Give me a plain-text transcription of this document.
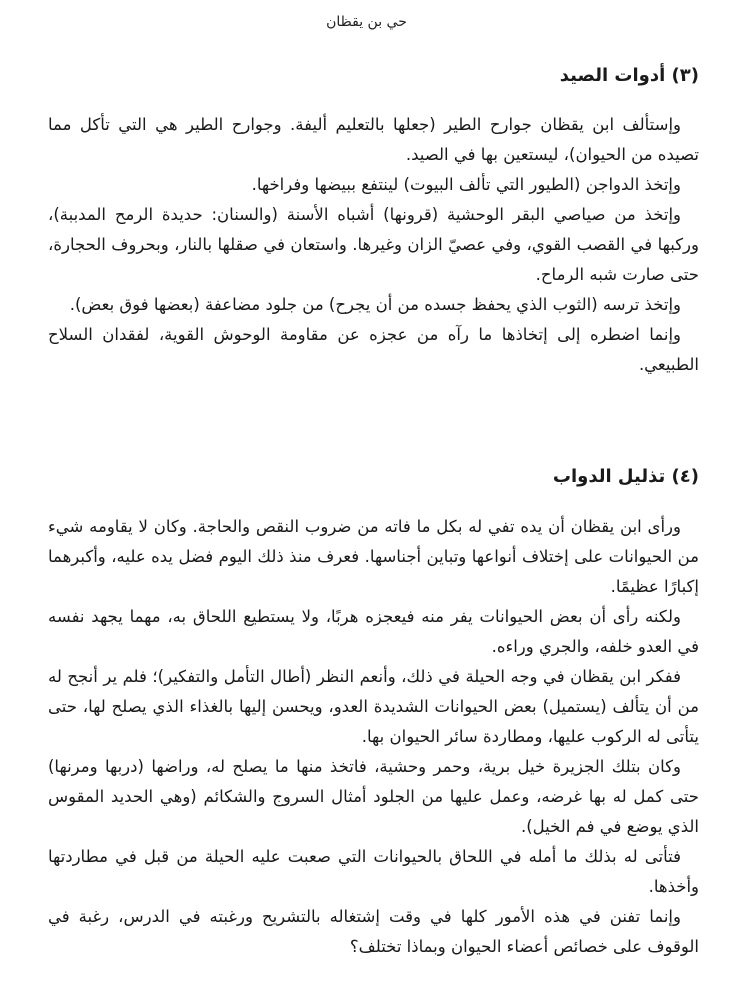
حي بن يقظان
(٣) أدوات الصيد

وإستألف ابن يقظان جوارح الطير (جعلها بالتعليم أليفة. وجوارح الطير هي التي تأكل مما تصيده من الحيوان)، ليستعين بها في الصيد.

وإتخذ الدواجن (الطيور التي تألف البيوت) لينتفع ببيضها وفراخها.

وإتخذ من صياصي البقر الوحشية (قرونها) أشباه الأسنة (والسنان: حديدة الرمح المدببة)، وركبها في القصب القوي، وفي عصيّ الزان وغيرها. واستعان في صقلها بالنار، وبحروف الحجارة، حتى صارت شبه الرماح.

وإتخذ ترسه (الثوب الذي يحفظ جسده من أن يجرح) من جلود مضاعفة (بعضها فوق بعض).

وإنما اضطره إلى إتخاذها ما رآه من عجزه عن مقاومة الوحوش القوية، لفقدان السلاح الطبيعي.

(٤) تذليل الدواب

ورأى ابن يقظان أن يده تفي له بكل ما فاته من ضروب النقص والحاجة. وكان لا يقاومه شيء من الحيوانات على إختلاف أنواعها وتباين أجناسها. فعرف منذ ذلك اليوم فضل يده عليه، وأكبرهما إكبارًا عظيمًا.

ولكنه رأى أن بعض الحيوانات يفر منه فيعجزه هربًا، ولا يستطيع اللحاق به، مهما يجهد نفسه في العدو خلفه، والجري وراءه.

ففكر ابن يقظان في وجه الحيلة في ذلك، وأنعم النظر (أطال التأمل والتفكير)؛ فلم ير أنجح له من أن يتألف (يستميل) بعض الحيوانات الشديدة العدو، ويحسن إليها بالغذاء الذي يصلح لها، حتى يتأتى له الركوب عليها، ومطاردة سائر الحيوان بها.

وكان بتلك الجزيرة خيل برية، وحمر وحشية، فاتخذ منها ما يصلح له، وراضها (دربها ومرنها) حتى كمل له بها غرضه، وعمل عليها من الجلود أمثال السروج والشكائم (وهي الحديد المقوس الذي يوضع في فم الخيل).

فتأتى له بذلك ما أمله في اللحاق بالحيوانات التي صعبت عليه الحيلة من قبل في مطاردتها وأخذها.

وإنما تفنن في هذه الأمور كلها في وقت إشتغاله بالتشريح ورغبته في الدرس، رغبة في الوقوف على خصائص أعضاء الحيوان وبماذا تختلف؟
